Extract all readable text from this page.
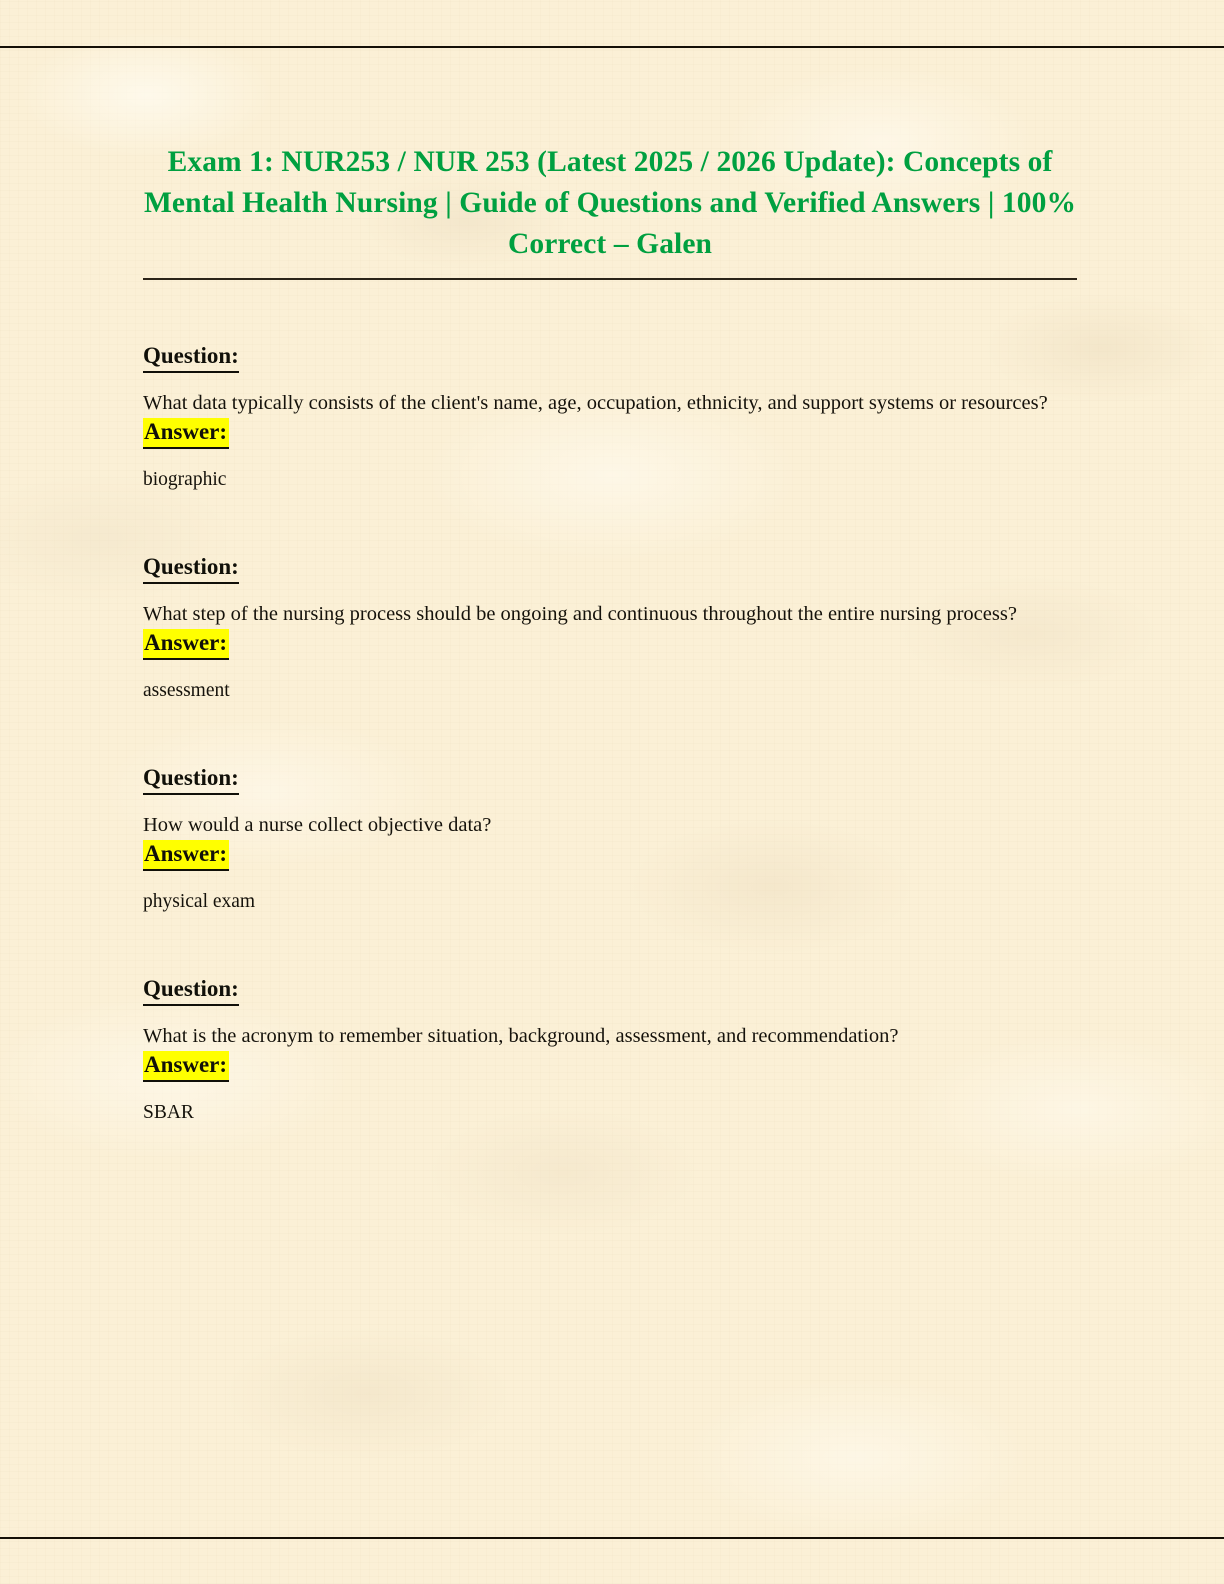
Exam 1: NUR253 / NUR 253 (Latest 2025 / 2026 Update): Concepts of Mental Health Nursing | Guide of Questions and Verified Answers | 100% Correct – Galen
Question:

What data typically consists of the client's name, age, occupation, ethnicity, and support systems or resources?

Answer:

biographic

Question:

What step of the nursing process should be ongoing and continuous throughout the entire nursing process?

Answer:

assessment

Question:

How would a nurse collect objective data?

Answer:

physical exam

Question:

What is the acronym to remember situation, background, assessment, and recommendation?

Answer:

SBAR
